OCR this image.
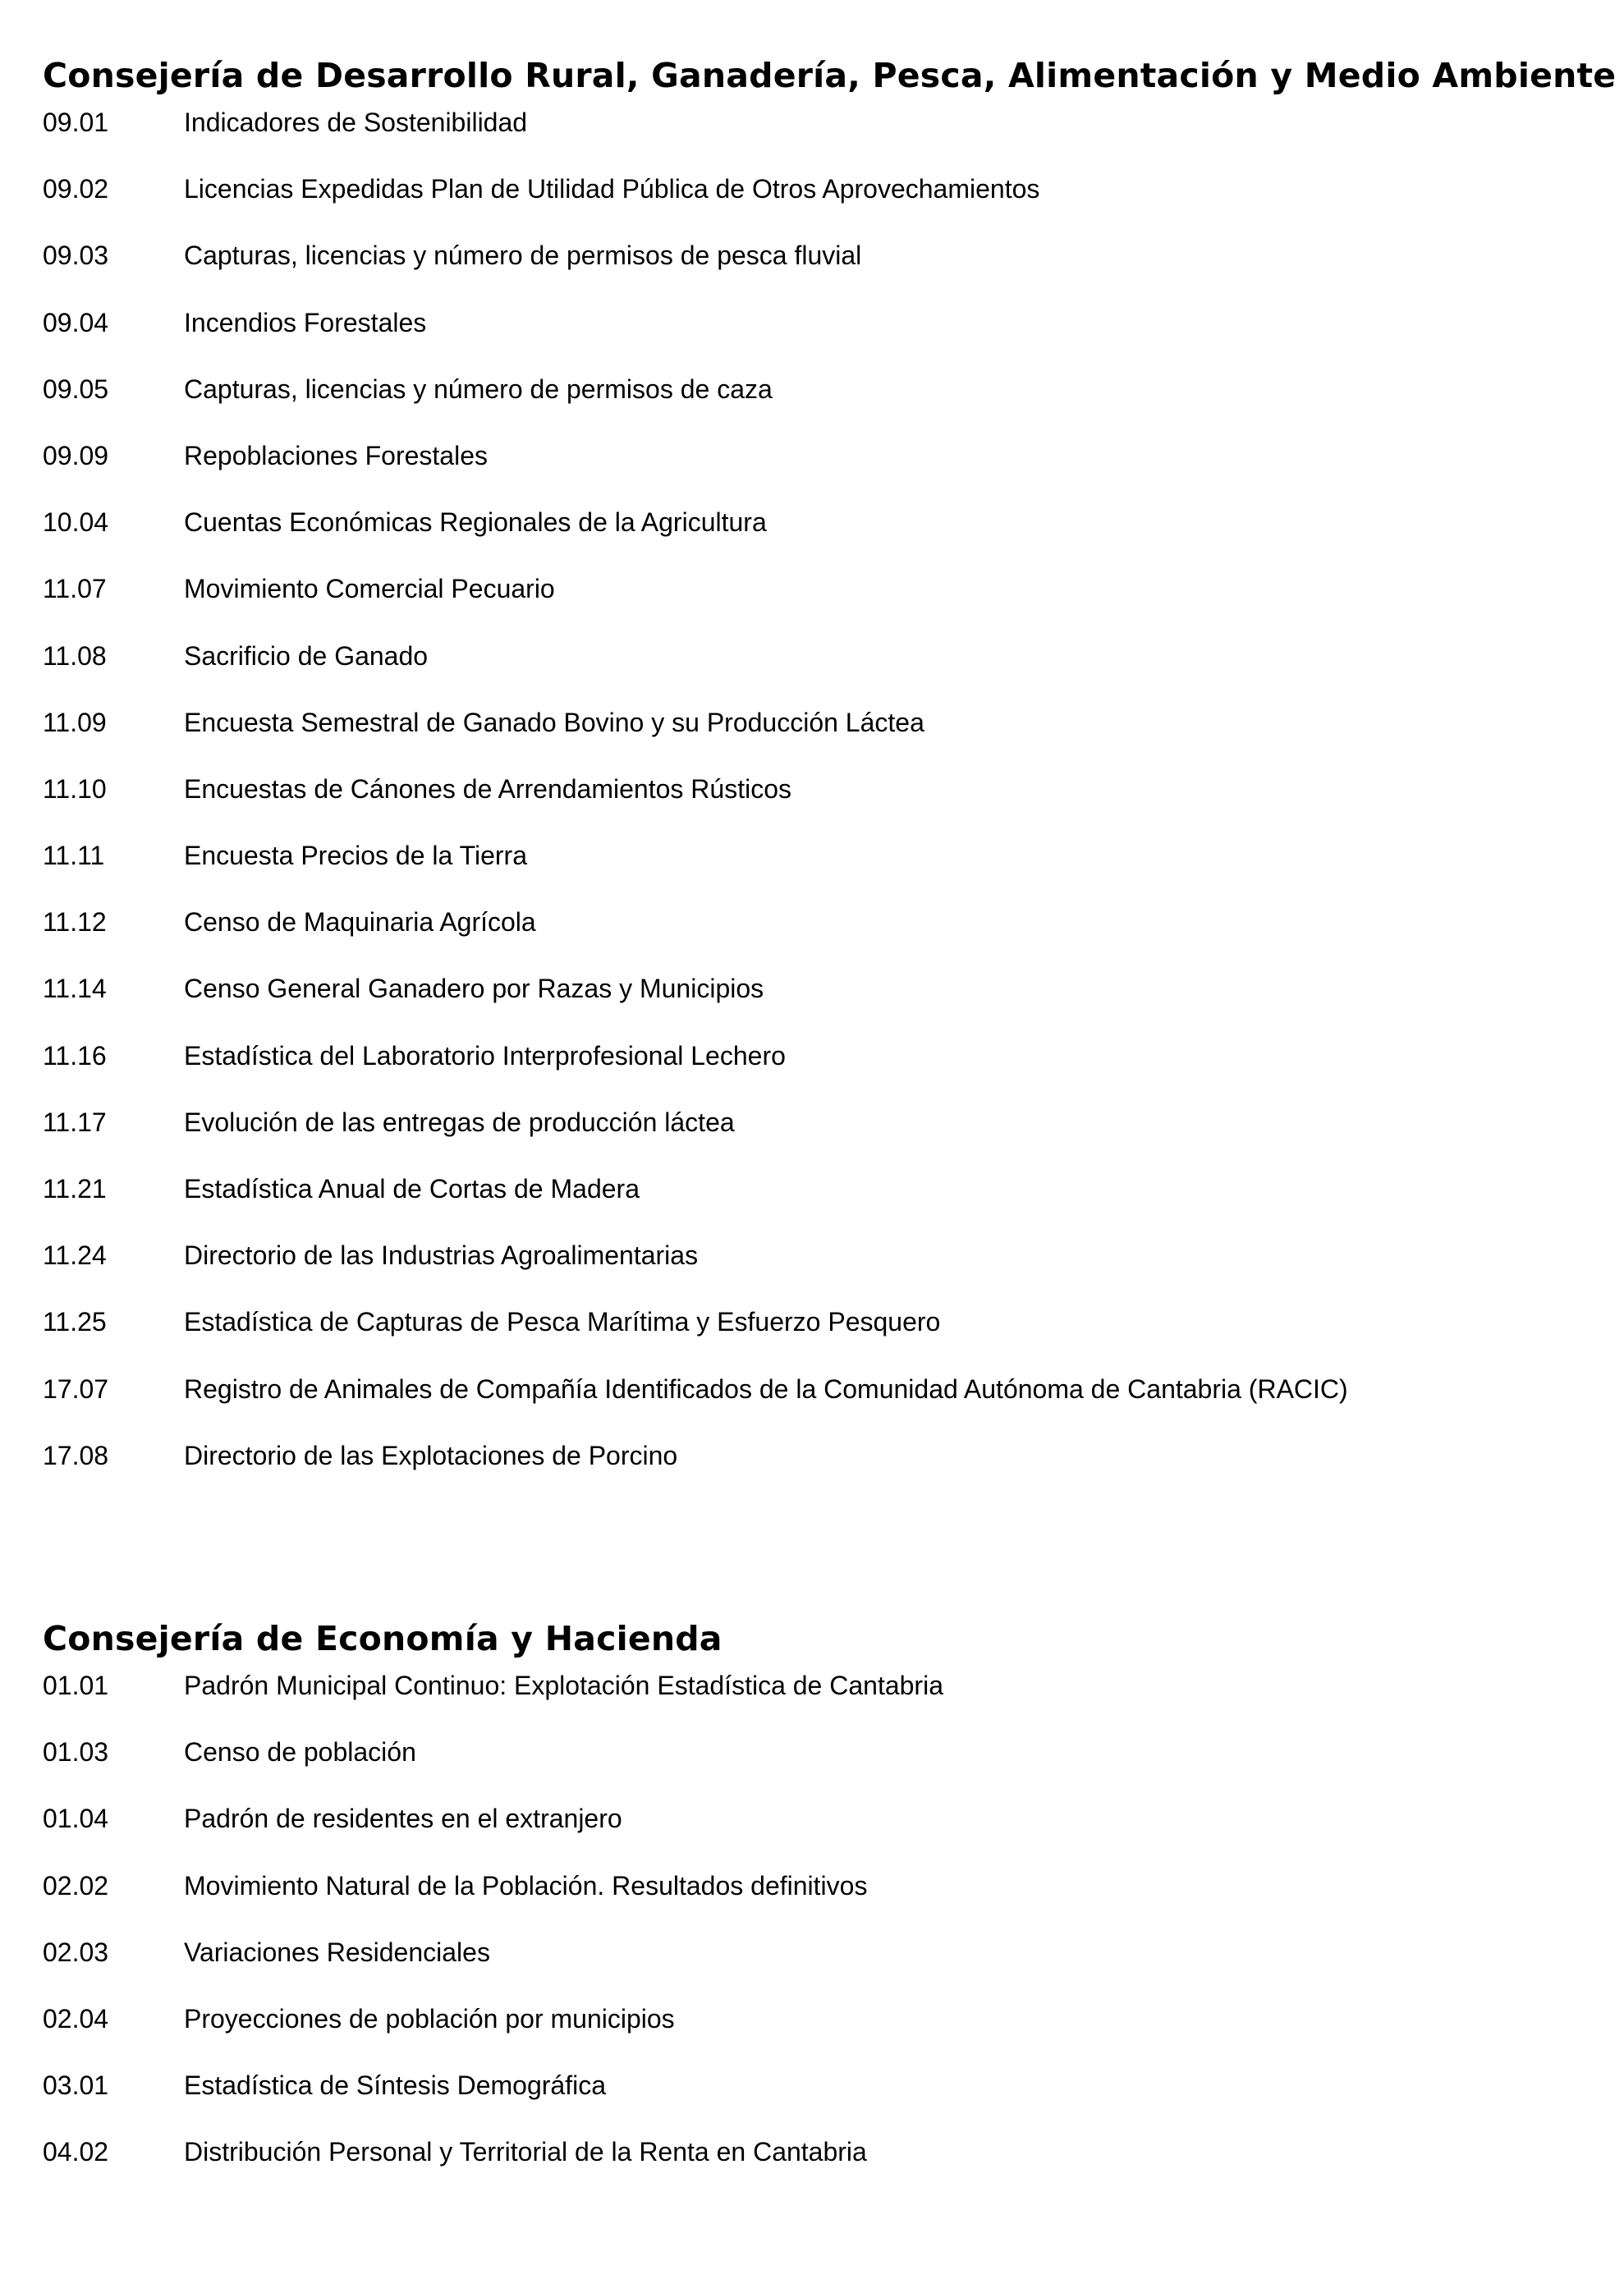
Consejería de Desarrollo Rural, Ganadería, Pesca, Alimentación y Medio Ambiente
09.01	Indicadores de Sostenibilidad
09.02	Licencias Expedidas Plan de Utilidad Pública de Otros Aprovechamientos
09.03	Capturas, licencias y número de permisos de pesca fluvial
09.04	Incendios Forestales
09.05	Capturas, licencias y número de permisos de caza
09.09	Repoblaciones Forestales
10.04	Cuentas Económicas Regionales de la Agricultura
11.07	Movimiento Comercial Pecuario
11.08	Sacrificio de Ganado
11.09	Encuesta Semestral de Ganado Bovino y su Producción Láctea
11.10	Encuestas de Cánones de Arrendamientos Rústicos
11.11	Encuesta Precios de la Tierra
11.12	Censo de Maquinaria Agrícola
11.14	Censo General Ganadero por Razas y Municipios
11.16	Estadística del Laboratorio Interprofesional Lechero
11.17	Evolución de las entregas de producción láctea
11.21	Estadística Anual de Cortas de Madera
11.24	Directorio de las Industrias Agroalimentarias
11.25	Estadística de Capturas de Pesca Marítima y Esfuerzo Pesquero
17.07	Registro de Animales de Compañía Identificados de la Comunidad Autónoma de Cantabria (RACIC)
17.08	Directorio de las Explotaciones de Porcino
Consejería de Economía y Hacienda
01.01	Padrón Municipal Continuo: Explotación Estadística de Cantabria
01.03	Censo de población
01.04	Padrón de residentes en el extranjero
02.02	Movimiento Natural de la Población. Resultados definitivos
02.03	Variaciones Residenciales
02.04	Proyecciones de población por municipios
03.01	Estadística de Síntesis Demográfica
04.02	Distribución Personal y Territorial de la Renta en Cantabria
